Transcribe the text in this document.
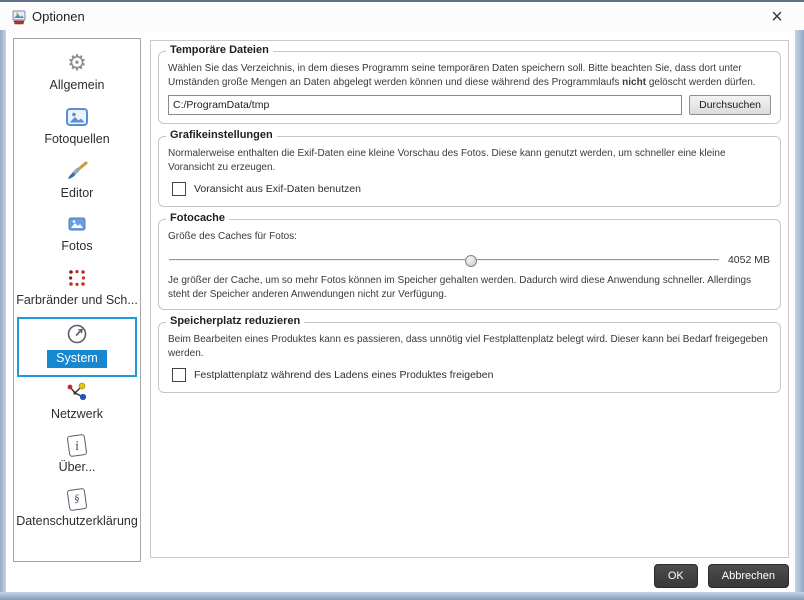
Optionen	×
⚙
Allgemein
Fotoquellen
Editor
Fotos
Farbränder und Sch...
System
Netzwerk
i
Über...
§
Datenschutzerklärung
Temporäre Dateien
Wählen Sie das Verzeichnis, in dem dieses Programm seine temporären Daten speichern soll. Bitte beachten Sie, dass dort unter Umständen große Mengen an Daten abgelegt werden können und diese während des Programmlaufs nicht gelöscht werden dürfen.
C:/ProgramData/tmp
Durchsuchen
Grafikeinstellungen
Normalerweise enthalten die Exif-Daten eine kleine Vorschau des Fotos. Diese kann genutzt werden, um schneller eine kleine Voransicht zu erzeugen.
Voransicht aus Exif-Daten benutzen
Fotocache
Größe des Caches für Fotos:
4052 MB
Je größer der Cache, um so mehr Fotos können im Speicher gehalten werden. Dadurch wird diese Anwendung schneller. Allerdings steht der Speicher anderen Anwendungen nicht zur Verfügung.
Speicherplatz reduzieren
Beim Bearbeiten eines Produktes kann es passieren, dass unnötig viel Festplattenplatz belegt wird. Dieser kann bei Bedarf freigegeben werden.
Festplattenplatz während des Ladens eines Produktes freigeben
OK	Abbrechen
